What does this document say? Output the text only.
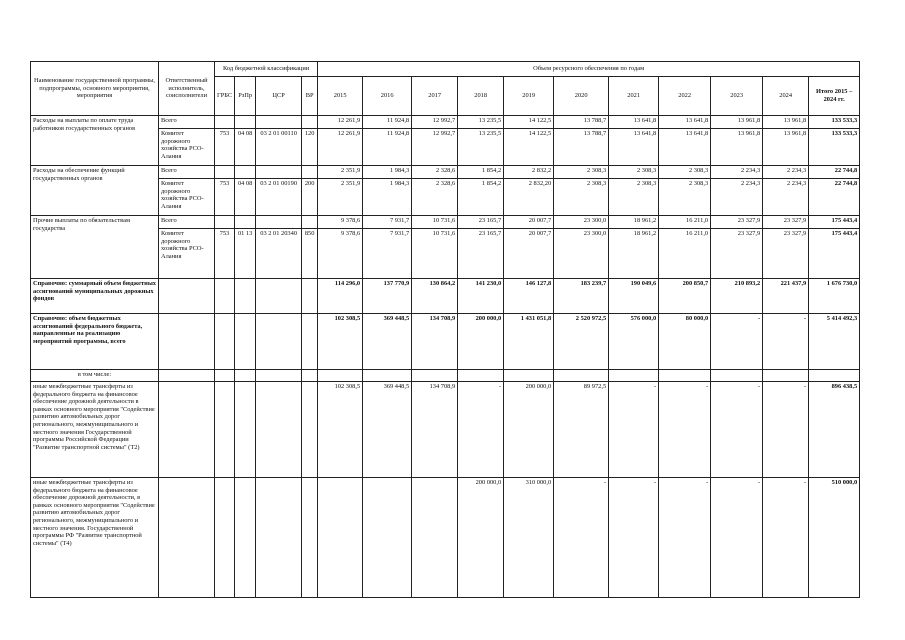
Наименование государственной программы, подпрограммы, основного мероприятия, мероприятия	Ответственный исполнитель, соисполнители	Код бюджетной классификации				Объем ресурсного обеспечения по годам										
		ГРБС	РзПр	ЦСР	ВР	2015	2016	2017	2018	2019	2020	2021	2022	2023	2024	Итого 2015 – 2024 гг.
Расходы на выплаты по оплате труда работников государственных органов	Всего					12 261,9	11 924,8	12 992,7	13 235,5	14 122,5	13 788,7	13 641,8	13 641,8	13 961,8	13 961,8	133 533,3
	Комитет дорожного хозяйства РСО-Алания	753	04 08	03 2 01 00110	120	12 261,9	11 924,8	12 992,7	13 235,5	14 122,5	13 788,7	13 641,8	13 641,8	13 961,8	13 961,8	133 533,3
Расходы на обеспечение функций государственных органов	Всего					2 351,9	1 984,3	2 328,6	1 854,2	2 832,2	2 308,3	2 308,3	2 308,3	2 234,3	2 234,3	22 744,8
	Комитет дорожного хозяйства РСО-Алания	753	04 08	03 2 01 00190	200	2 351,9	1 984,3	2 328,6	1 854,2	2 832,20	2 308,3	2 308,3	2 308,3	2 234,3	2 234,3	22 744,8
Прочие выплаты по обязательствам государства	Всего					9 378,6	7 931,7	10 731,6	23 165,7	20 007,7	23 300,0	18 961,2	16 211,0	23 327,9	23 327,9	175 443,4
	Комитет дорожного хозяйства РСО-Алания	753	01 13	03 2 01 20340	850	9 378,6	7 931,7	10 731,6	23 165,7	20 007,7	23 300,0	18 961,2	16 211,0	23 327,9	23 327,9	175 443,4
Справочно: суммарный объем бюджетных ассигнований муниципальных дорожных фондов						114 296,0	137 770,9	130 864,2	141 230,0	146 127,8	183 239,7	190 049,6	200 850,7	210 893,2	221 437,9	1 676 730,0
Справочно: объем бюджетных ассигнований федерального бюджета, направленные на реализацию мероприятий программы, всего						102 308,5	369 448,5	134 708,9	200 000,0	1 431 051,8	2 520 972,5	576 000,0	80 000,0	-	-	5 414 492,3
в том числе:																
иные межбюджетные трансферты из федерального бюджета на финансовое обеспечение дорожной деятельности в рамках основного мероприятия "Содействие развитию автомобильных дорог регионального, межмуниципального и местного значения Государственной программы Российской Федерации "Развитие транспортной системы" (Т2)						102 308,5	369 448,5	134 708,9	-	200 000,0	89 972,5	-	-	-	-	896 438,5
иные межбюджетные трансферты из федерального бюджета на финансовое обеспечение дорожной деятельности, в рамках основного мероприятия "Содействие развитию автомобильных дорог регионального, межмуниципального и местного значения. Государственной программы РФ "Развитие транспортной системы" (Т4)									200 000,0	310 000,0	-	-	-	-	-	510 000,0
